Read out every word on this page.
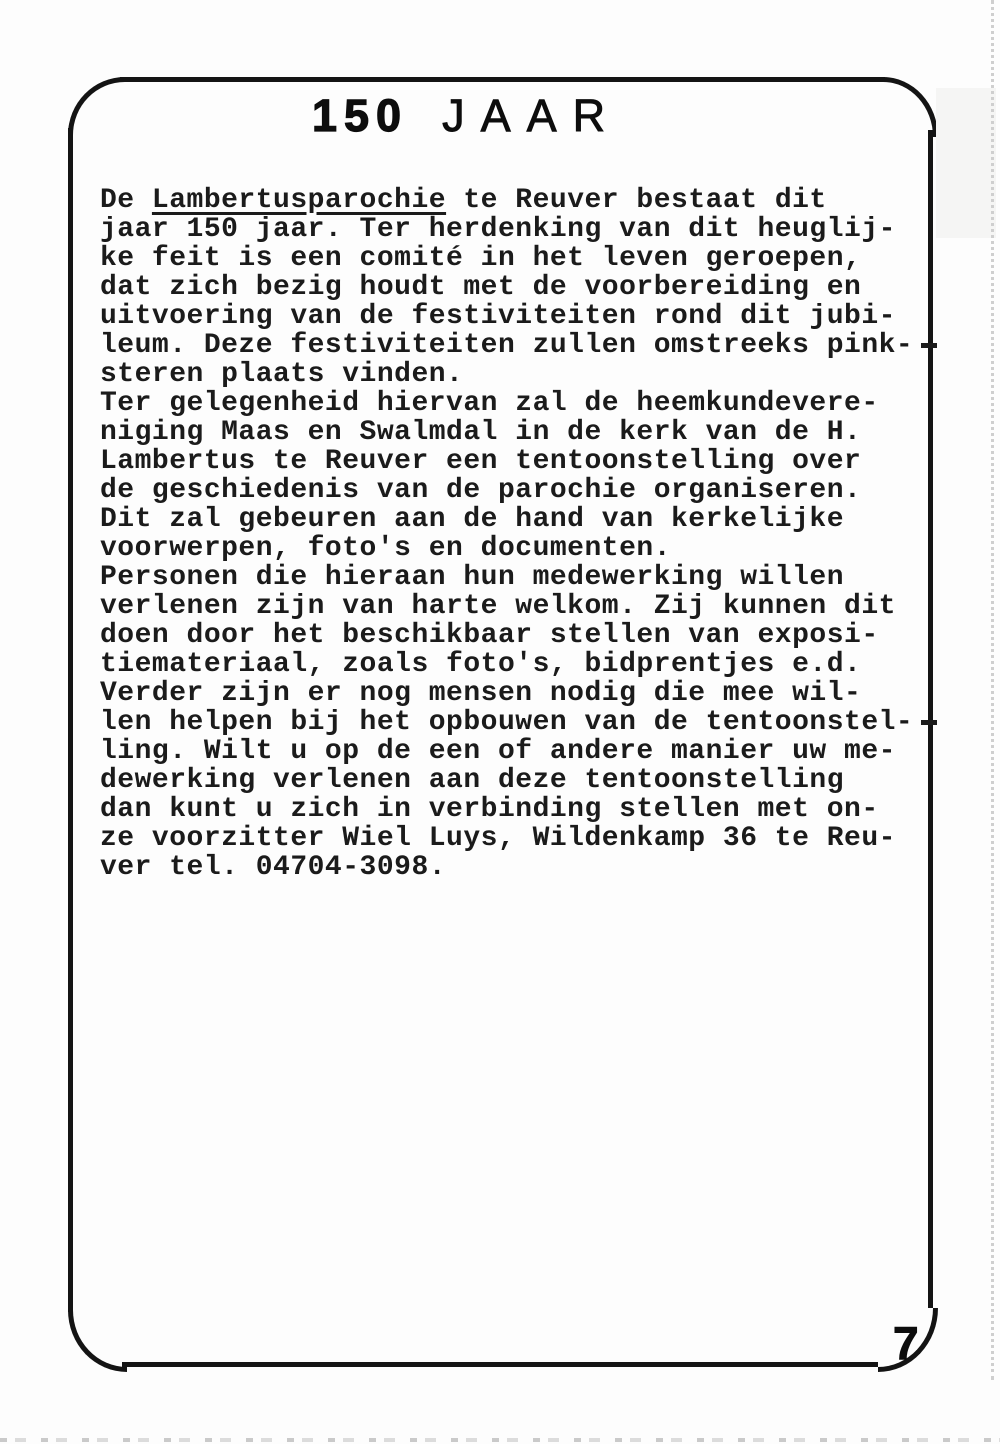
150 JAAR
De Lambertusparochie te Reuver bestaat dit
jaar 150 jaar. Ter herdenking van dit heuglij-
ke feit is een comité in het leven geroepen,
dat zich bezig houdt met de voorbereiding en
uitvoering van de festiviteiten rond dit jubi-
leum. Deze festiviteiten zullen omstreeks pink-
steren plaats vinden.
Ter gelegenheid hiervan zal de heemkundevere-
niging Maas en Swalmdal in de kerk van de H.
Lambertus te Reuver een tentoonstelling over
de geschiedenis van de parochie organiseren.
Dit zal gebeuren aan de hand van kerkelijke
voorwerpen, foto's en documenten.
Personen die hieraan hun medewerking willen
verlenen zijn van harte welkom. Zij kunnen dit
doen door het beschikbaar stellen van exposi-
tiemateriaal, zoals foto's, bidprentjes e.d.
Verder zijn er nog mensen nodig die mee wil-
len helpen bij het opbouwen van de tentoonstel-
ling. Wilt u op de een of andere manier uw me-
dewerking verlenen aan deze tentoonstelling
dan kunt u zich in verbinding stellen met on-
ze voorzitter Wiel Luys, Wildenkamp 36 te Reu-
ver tel. 04704-3098.
7
